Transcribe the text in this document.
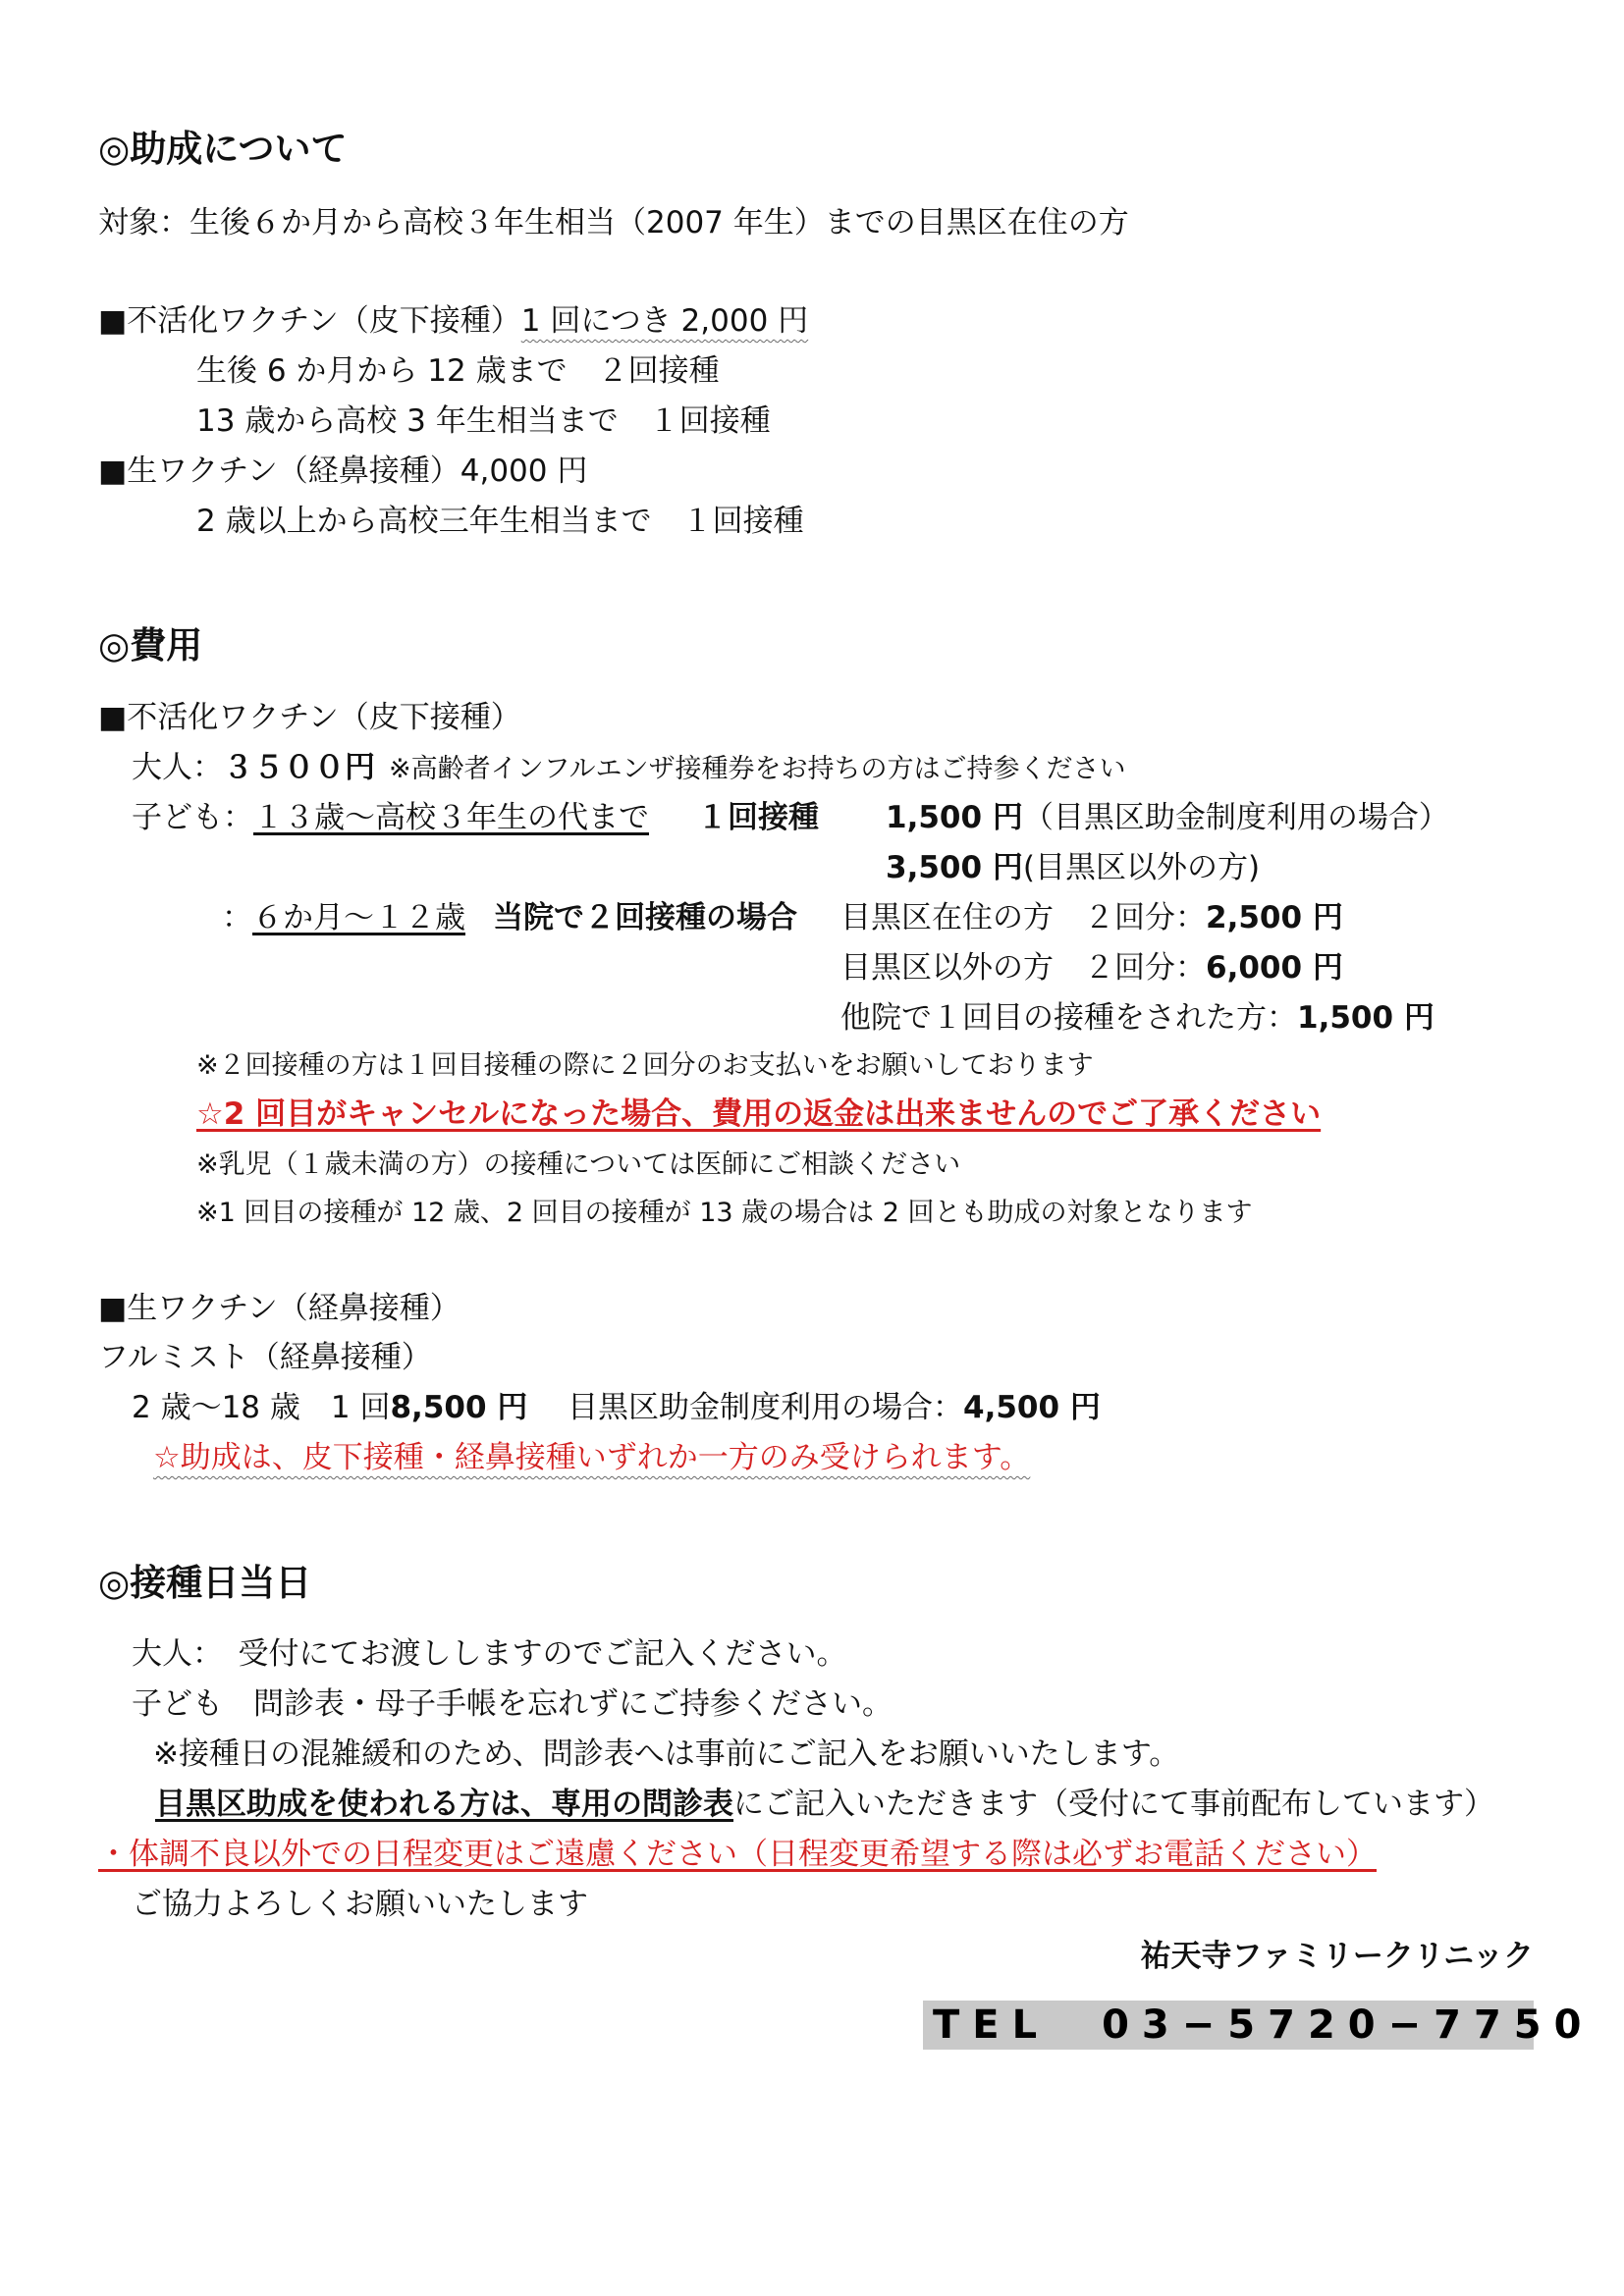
◎助成について
対象：生後６か月から高校３年生相当（2007 年生）までの目黒区在住の方
■不活化ワクチン（皮下接種）1 回につき 2,000 円
生後 6 か月から 12 歳まで　２回接種
13 歳から高校 3 年生相当まで　１回接種
■生ワクチン（経鼻接種）4,000 円
2 歳以上から高校三年生相当まで　１回接種
◎費用
■不活化ワクチン（皮下接種）
大人：３５００円 ※高齢者インフルエンザ接種券をお持ちの方はご持参ください
子ども：１３歳～高校３年生の代まで １回接種 1,500 円（目黒区助金制度利用の場合）
3,500 円(目黒区以外の方)
：６か月～１２歳 当院で２回接種の場合 目黒区在住の方　２回分：2,500 円
目黒区以外の方　２回分：6,000 円
他院で１回目の接種をされた方：1,500 円
※２回接種の方は１回目接種の際に２回分のお支払いをお願いしております
☆2 回目がキャンセルになった場合、費用の返金は出来ませんのでご了承ください
※乳児（１歳未満の方）の接種については医師にご相談ください
※1 回目の接種が 12 歳、2 回目の接種が 13 歳の場合は 2 回とも助成の対象となります
■生ワクチン（経鼻接種）
フルミスト（経鼻接種）
2 歳～18 歳　1 回8,500 円 目黒区助金制度利用の場合：4,500 円
☆助成は、皮下接種・経鼻接種いずれか一方のみ受けられます。
◎接種日当日
大人：　受付にてお渡ししますのでご記入ください。
子ども　問診表・母子手帳を忘れずにご持参ください。
※接種日の混雑緩和のため、問診表へは事前にご記入をお願いいたします。
目黒区助成を使われる方は、専用の問診表にご記入いただきます（受付にて事前配布しています）
・体調不良以外での日程変更はご遠慮ください（日程変更希望する際は必ずお電話ください）
ご協力よろしくお願いいたします
祐天寺ファミリークリニック
TEL　03−5720−7750
